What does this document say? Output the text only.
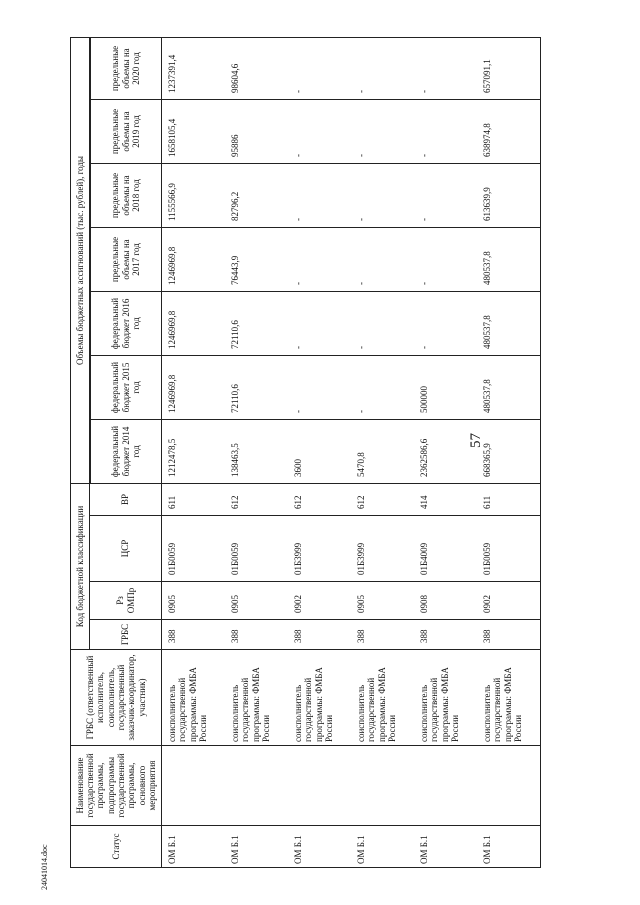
57
24041014.doc	Статус	Наименование государственной программы, подпрограммы государственной программы, основного мероприятия	ГРБС (ответственный исполнитель, соисполнитель, государственный заказчик-координатор, участник)	Код бюджетной классификации				Объемы бюджетных ассигнований (тыс. рублей), годы						
			ГРБС	Рз ОМПр	ЦСР	ВР							
							федеральный бюджет 2014 год	федеральный бюджет 2015 год	федеральный бюджет 2016 год	предельные объемы на 2017 год	предельные объемы на 2018 год	предельные объемы на 2019 год	предельные объемы на 2020 год
ОМ Б.1		соисполнитель государственной программы: ФМБА России	388	0905	01Б0059	611	1212478,5	1246969,8	1246969,8	1246969,8	1155566,9	1658105,4	1237391,4
ОМ Б.1		соисполнитель государственной программы: ФМБА России	388	0905	01Б0059	612	138463,5	72110,6	72110,6	76443,9	82796,2	95886	98604,6
ОМ Б.1		соисполнитель государственной программы: ФМБА России	388	0902	01Б3999	612	3600	-	-	-	-	-	-
ОМ Б.1		соисполнитель государственной программы: ФМБА России	388	0905	01Б3999	612	5470,8	-	-	-	-	-	-
ОМ Б.1		соисполнитель государственной программы: ФМБА России	388	0908	01Б4009	414	2362586,6	500000	-	-	-	-	-
ОМ Б.1		соисполнитель государственной программы: ФМБА России	388	0902	01Б0059	611	668365,9	480537,8	480537,8	480537,8	613639,9	638974,8	657091,1
